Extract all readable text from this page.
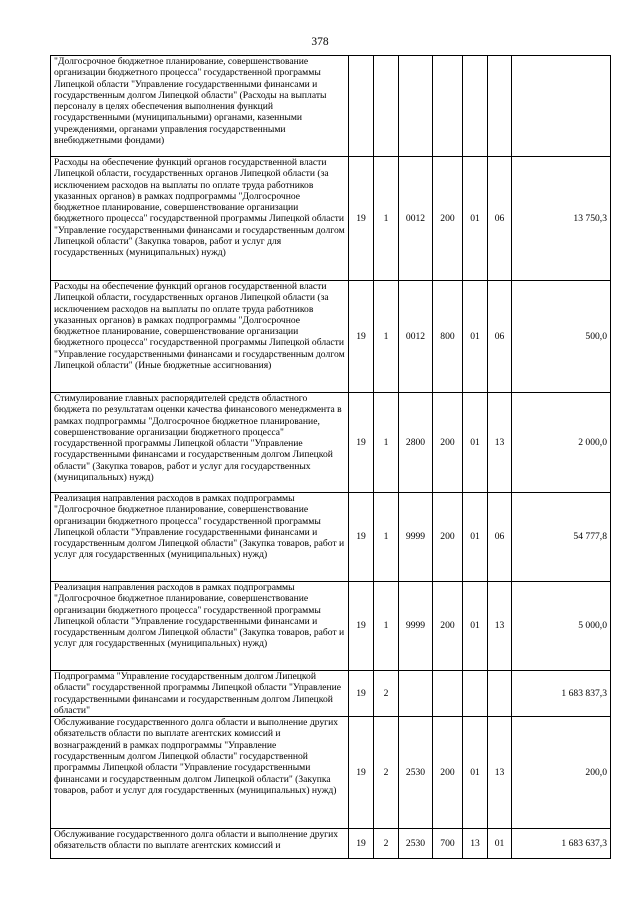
378
"Долгосрочное бюджетное планирование, совершенствование организации бюджетного процесса" государственной программы Липецкой области "Управление государственными финансами и государственным долгом Липецкой области" (Расходы на выплаты персоналу в целях обеспечения выполнения функций государственными (муниципальными) органами, казенными учреждениями, органами управления государственными внебюджетными фондами)							
Расходы на обеспечение функций органов государственной власти Липецкой области, государственных органов Липецкой области (за исключением расходов на выплаты по оплате труда работников указанных органов) в рамках подпрограммы "Долгосрочное бюджетное планирование, совершенствование организации бюджетного процесса" государственной программы Липецкой области "Управление государственными финансами и государственным долгом Липецкой области" (Закупка товаров, работ и услуг для государственных (муниципальных) нужд)	19	1	0012	200	01	06	13 750,3
Расходы на обеспечение функций органов государственной власти Липецкой области, государственных органов Липецкой области (за исключением расходов на выплаты по оплате труда работников указанных органов) в рамках подпрограммы "Долгосрочное бюджетное планирование, совершенствование организации бюджетного процесса" государственной программы Липецкой области "Управление государственными финансами и государственным долгом Липецкой области" (Иные бюджетные ассигнования)	19	1	0012	800	01	06	500,0
Стимулирование главных распорядителей средств областного бюджета по результатам оценки качества финансового менеджмента в рамках подпрограммы "Долгосрочное бюджетное планирование, совершенствование организации бюджетного процесса" государственной программы Липецкой области "Управление государственными финансами и государственным долгом Липецкой области" (Закупка товаров, работ и услуг для государственных (муниципальных) нужд)	19	1	2800	200	01	13	2 000,0
Реализация направления расходов в рамках подпрограммы "Долгосрочное бюджетное планирование, совершенствование организации бюджетного процесса" государственной программы Липецкой области "Управление государственными финансами и государственным долгом Липецкой области" (Закупка товаров, работ и услуг для государственных (муниципальных) нужд)	19	1	9999	200	01	06	54 777,8
Реализация направления расходов в рамках подпрограммы "Долгосрочное бюджетное планирование, совершенствование организации бюджетного процесса" государственной программы Липецкой области "Управление государственными финансами и государственным долгом Липецкой области" (Закупка товаров, работ и услуг для государственных (муниципальных) нужд)	19	1	9999	200	01	13	5 000,0
Подпрограмма "Управление государственным долгом Липецкой области" государственной программы Липецкой области "Управление государственными финансами и государственным долгом Липецкой области"	19	2					1 683 837,3
Обслуживание государственного долга области и выполнение других обязательств области по выплате агентских комиссий и вознаграждений в рамках подпрограммы "Управление государственным долгом Липецкой области" государственной программы Липецкой области "Управление государственными финансами и государственным долгом Липецкой области" (Закупка товаров, работ и услуг для государственных (муниципальных) нужд)	19	2	2530	200	01	13	200,0
Обслуживание государственного долга области и выполнение других обязательств области по выплате агентских комиссий и	19	2	2530	700	13	01	1 683 637,3
